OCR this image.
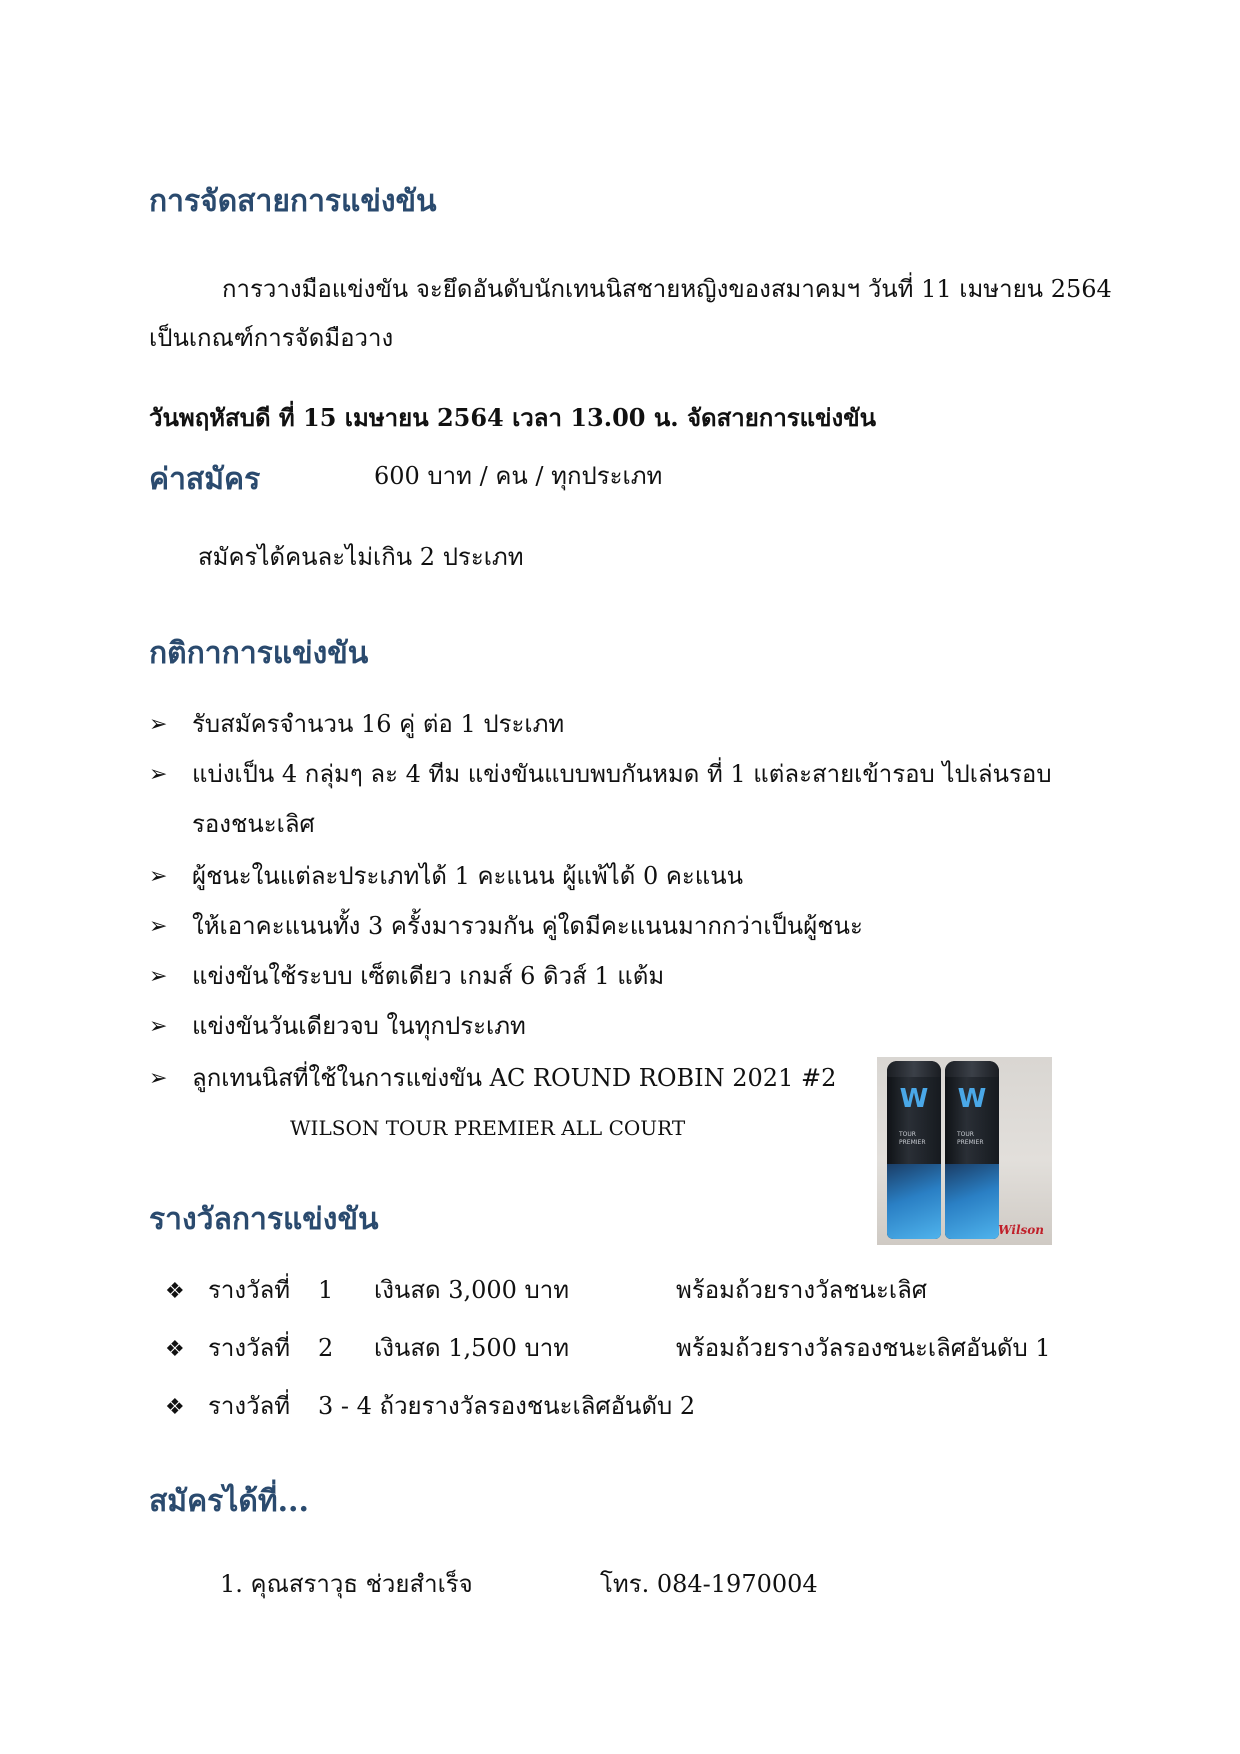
การจัดสายการแข่งขัน
การวางมือแข่งขัน จะยึดอันดับนักเทนนิสชายหญิงของสมาคมฯ วันที่ 11 เมษายน 2564
เป็นเกณฑ์การจัดมือวาง
วันพฤหัสบดี ที่ 15 เมษายน 2564 เวลา 13.00 น. จัดสายการแข่งขัน
ค่าสมัคร	600 บาท / คน / ทุกประเภท
สมัครได้คนละไม่เกิน 2 ประเภท
กติกาการแข่งขัน
➢ รับสมัครจำนวน 16 คู่ ต่อ 1 ประเภท
➢ แบ่งเป็น 4 กลุ่มๆ ละ 4 ทีม แข่งขันแบบพบกันหมด ที่ 1 แต่ละสายเข้ารอบ ไปเล่นรอบ
รองชนะเลิศ
➢ ผู้ชนะในแต่ละประเภทได้ 1 คะแนน ผู้แพ้ได้ 0 คะแนน
➢ ให้เอาคะแนนทั้ง 3 ครั้งมารวมกัน คู่ใดมีคะแนนมากกว่าเป็นผู้ชนะ
➢ แข่งขันใช้ระบบ เซ็ตเดียว เกมส์ 6 ดิวส์ 1 แต้ม
➢ แข่งขันวันเดียวจบ ในทุกประเภท
➢ ลูกเทนนิสที่ใช้ในการแข่งขัน AC ROUND ROBIN 2021 #2
WILSON TOUR PREMIER ALL COURT
W
TOUR PREMIER
W
TOUR PREMIER
Wilson
รางวัลการแข่งขัน
❖ รางวัลที่ 1 เงินสด 3,000 บาท	พร้อมถ้วยรางวัลชนะเลิศ
❖ รางวัลที่ 2 เงินสด 1,500 บาท	พร้อมถ้วยรางวัลรองชนะเลิศอันดับ 1
❖ รางวัลที่ 3 - 4 ถ้วยรางวัลรองชนะเลิศอันดับ 2
สมัครได้ที่...
1. คุณสราวุธ ช่วยสำเร็จ	โทร. 084-1970004
